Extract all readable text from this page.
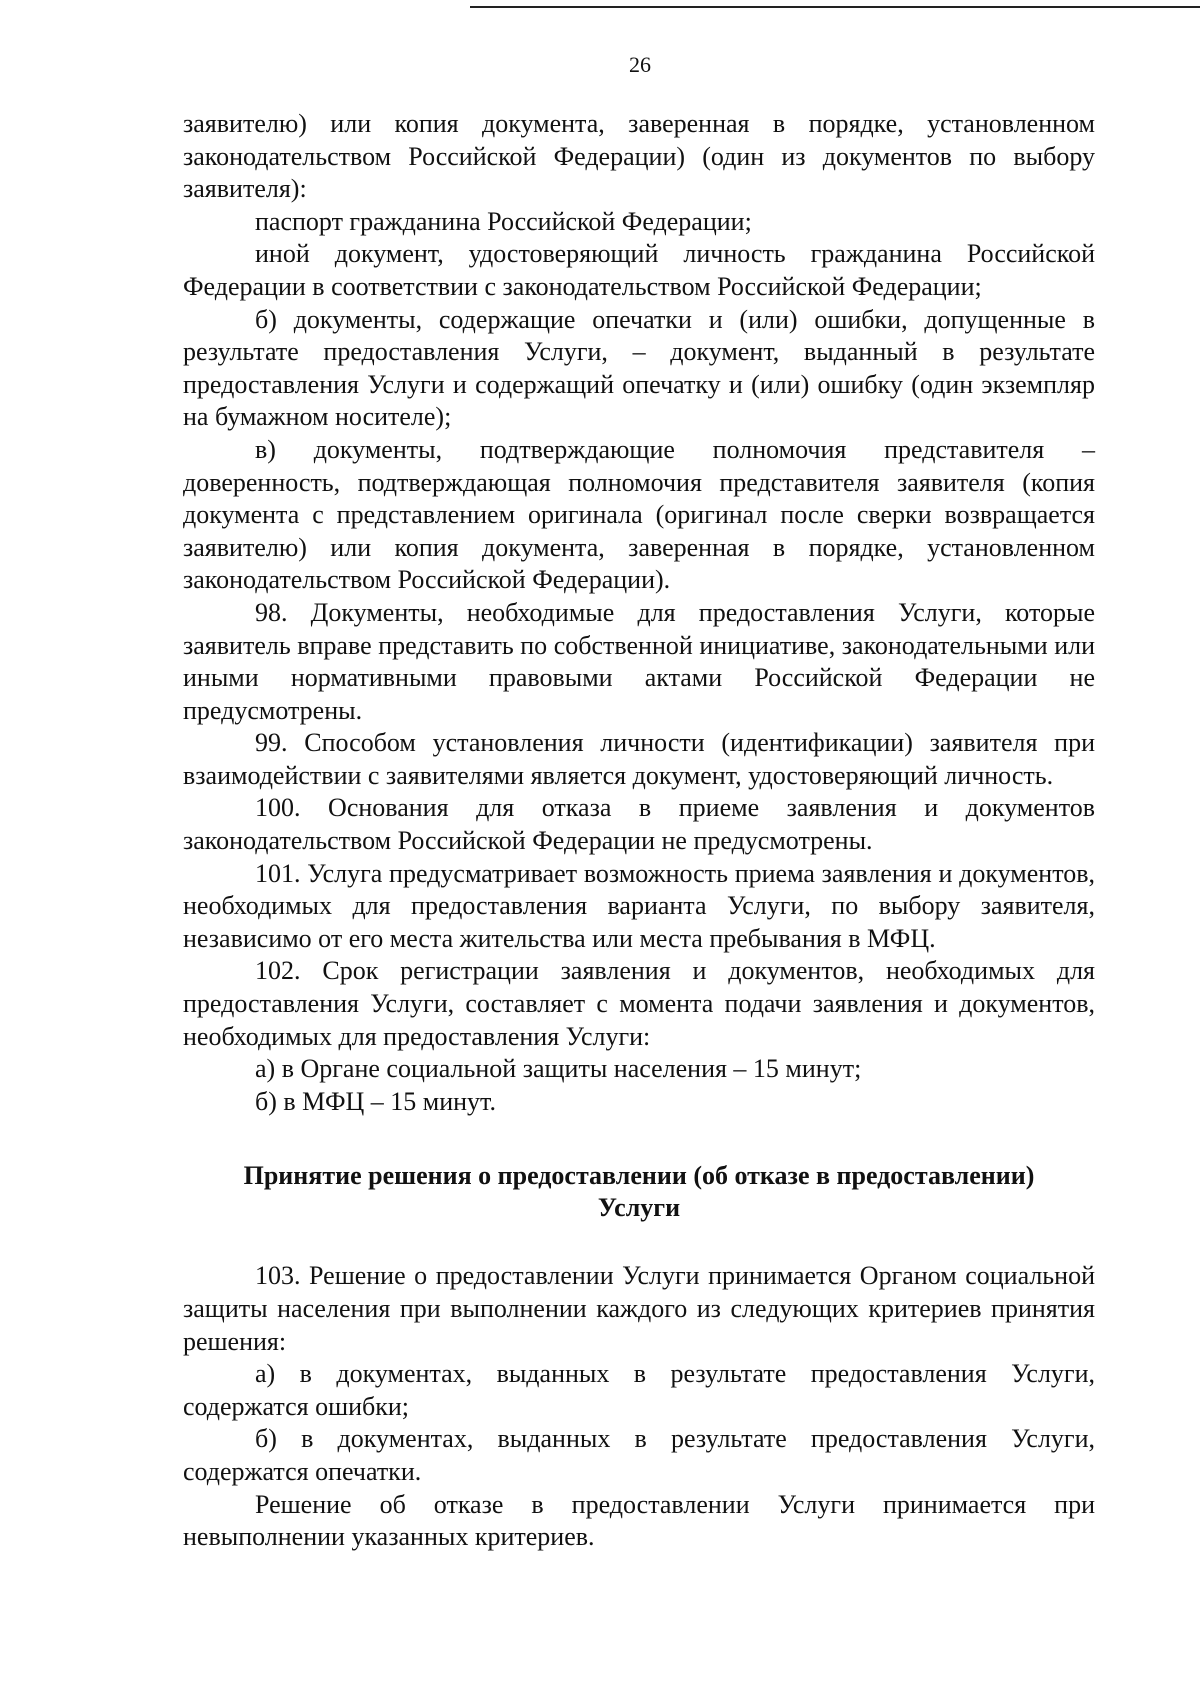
26

заявителю) или копия документа, заверенная в порядке, установленном законодательством Российской Федерации) (один из документов по выбору заявителя):

паспорт гражданина Российской Федерации;

иной документ, удостоверяющий личность гражданина Российской Федерации в соответствии с законодательством Российской Федерации;

б) документы, содержащие опечатки и (или) ошибки, допущенные в результате предоставления Услуги, – документ, выданный в результате предоставления Услуги и содержащий опечатку и (или) ошибку (один экземпляр на бумажном носителе);

в) документы, подтверждающие полномочия представителя – доверенность, подтверждающая полномочия представителя заявителя (копия документа с представлением оригинала (оригинал после сверки возвращается заявителю) или копия документа, заверенная в порядке, установленном законодательством Российской Федерации).

98. Документы, необходимые для предоставления Услуги, которые заявитель вправе представить по собственной инициативе, законодательными или иными нормативными правовыми актами Российской Федерации не предусмотрены.

99. Способом установления личности (идентификации) заявителя при взаимодействии с заявителями является документ, удостоверяющий личность.

100. Основания для отказа в приеме заявления и документов законодательством Российской Федерации не предусмотрены.

101. Услуга предусматривает возможность приема заявления и документов, необходимых для предоставления варианта Услуги, по выбору заявителя, независимо от его места жительства или места пребывания в МФЦ.

102. Срок регистрации заявления и документов, необходимых для предоставления Услуги, составляет с момента подачи заявления и документов, необходимых для предоставления Услуги:

а) в Органе социальной защиты населения – 15 минут;

б) в МФЦ – 15 минут.

Принятие решения о предоставлении (об отказе в предоставлении)
Услуги

103. Решение о предоставлении Услуги принимается Органом социальной защиты населения при выполнении каждого из следующих критериев принятия решения:

а) в документах, выданных в результате предоставления Услуги, содержатся ошибки;

б) в документах, выданных в результате предоставления Услуги, содержатся опечатки.

Решение об отказе в предоставлении Услуги принимается при невыполнении указанных критериев.
